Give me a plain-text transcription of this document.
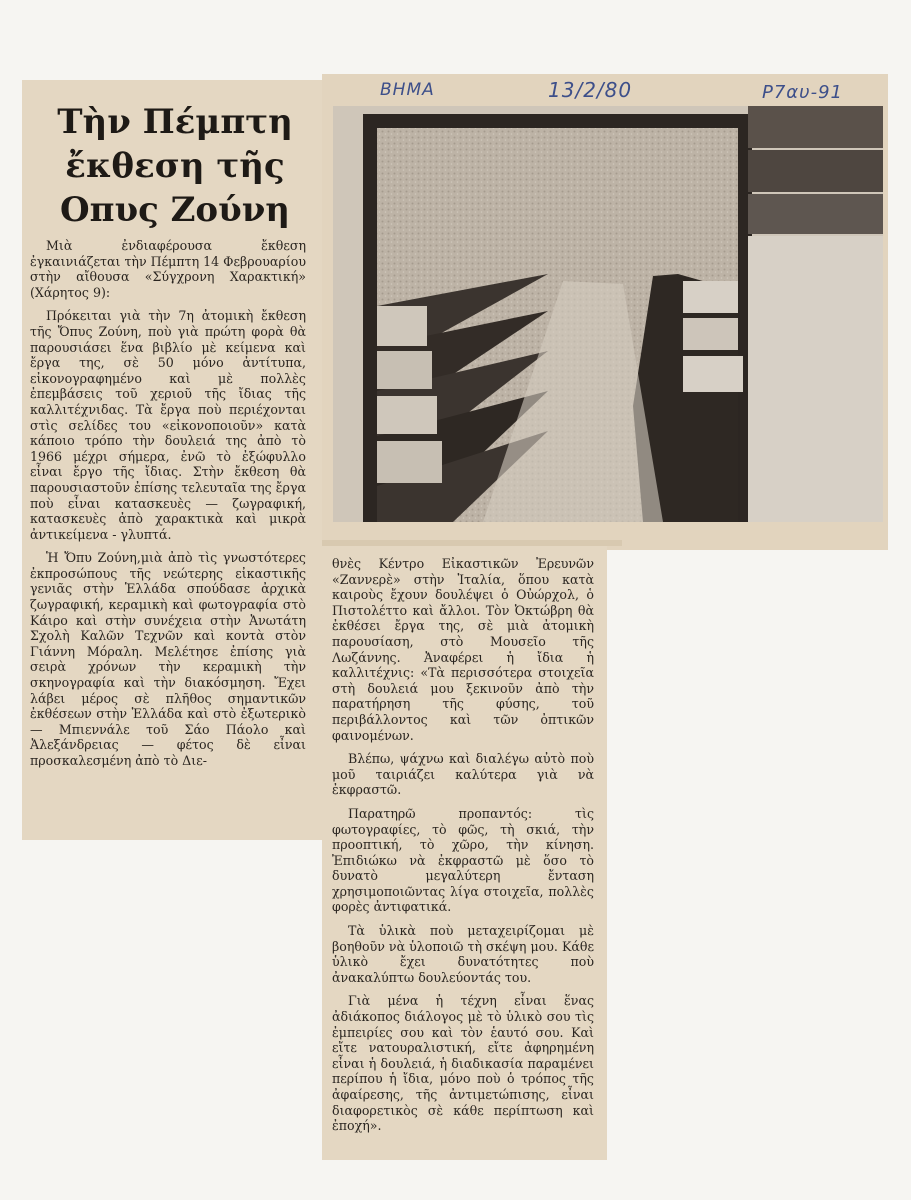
ΒΗΜΑ	13/2/80	Ρ7αυ-91
Τὴν Πέμπτη
ἔκθεση τῆς
Οπυς Ζούνη

Μιὰ ἐνδιαφέρουσα ἔκθεση ἐγκαινιάζεται τὴν Πέμπτη 14 Φεβρουαρίου στὴν αἴθουσα «Σύγχρονη Χαρακτική» (Χάρητος 9):

Πρόκειται γιὰ τὴν 7η ἀτομικὴ ἔκθεση τῆς Ὄπυς Ζούνη, ποὺ γιὰ πρώτη φορὰ θὰ παρουσιάσει ἕνα βιβλίο μὲ κείμενα καὶ ἔργα της, σὲ 50 μόνο ἀντίτυπα, εἰκονογραφημένο καὶ μὲ πολλὲς ἐπεμβάσεις τοῦ χεριοῦ τῆς ἴδιας τῆς καλλιτέχνιδας. Τὰ ἔργα ποὺ περιέχονται στὶς σελίδες του «εἰκονοποιοῦν» κατὰ κάποιο τρόπο τὴν δουλειά της ἀπὸ τὸ 1966 μέχρι σήμερα, ἐνῶ τὸ ἐξώφυλλο εἶναι ἔργο τῆς ἴδιας. Στὴν ἔκθεση θὰ παρουσιαστοῦν ἐπίσης τελευταῖα της ἔργα ποὺ εἶναι κατασκευὲς — ζωγραφική, κατασκευὲς ἀπὸ χαρακτικὰ καὶ μικρὰ ἀντικείμενα - γλυπτά.

Ἡ Ὄπυ Ζούνη,μιὰ ἀπὸ τὶς γνωστότερες ἐκπροσώπους τῆς νεώτερης εἰκαστικῆς γενιᾶς στὴν Ἑλλάδα σπούδασε ἀρχικὰ ζωγραφική, κεραμικὴ καὶ φωτογραφία στὸ Κάιρο καὶ στὴν συνέχεια στὴν Ἀνωτάτη Σχολὴ Καλῶν Τεχνῶν καὶ κοντὰ στὸν Γιάννη Μόραλη. Μελέτησε ἐπίσης γιὰ σειρὰ χρόνων τὴν κεραμικὴ τὴν σκηνογραφία καὶ τὴν διακόσμηση. Ἔχει λάβει μέρος σὲ πλῆθος σημαντικῶν ἐκθέσεων στὴν Ἑλλάδα καὶ στὸ ἐξωτερικὸ — Μπιεννάλε τοῦ Σάο Πάολο καὶ Ἀλεξάνδρειας — φέτος δὲ εἶναι προσκαλεσμένη ἀπὸ τὸ Διε-

θνὲς Κέντρο Εἰκαστικῶν Ἐρευνῶν «Ζαννερὲ» στὴν Ἰταλία, ὅπου κατὰ καιροὺς ἔχουν δουλέψει ὁ Οὐώρχολ, ὁ Πιστολέττο καὶ ἄλλοι. Τὸν Ὀκτώβρη θὰ ἐκθέσει ἔργα της, σὲ μιὰ ἀτομικὴ παρουσίαση, στὸ Μουσεῖο τῆς Λωζάννης. Ἀναφέρει ἡ ἴδια ἡ καλλιτέχνις: «Τὰ περισσότερα στοιχεῖα στὴ δουλειά μου ξεκινοῦν ἀπὸ τὴν παρατήρηση τῆς φύσης, τοῦ περιβάλλοντος καὶ τῶν ὀπτικῶν φαινομένων.

Βλέπω, ψάχνω καὶ διαλέγω αὐτὸ ποὺ μοῦ ταιριάζει καλύτερα γιὰ νὰ ἐκφραστῶ.

Παρατηρῶ προπαντός: τὶς φωτογραφίες, τὸ φῶς, τὴ σκιά, τὴν προοπτική, τὸ χῶρο, τὴν κίνηση. Ἐπιδιώκω νὰ ἐκφραστῶ μὲ ὅσο τὸ δυνατὸ μεγαλύτερη ἔνταση χρησιμοποιῶντας λίγα στοιχεῖα, πολλὲς φορὲς ἀντιφατικά.

Τὰ ὑλικὰ ποὺ μεταχειρίζομαι μὲ βοηθοῦν νὰ ὑλοποιῶ τὴ σκέψη μου. Κάθε ὑλικὸ ἔχει δυνατότητες ποὺ ἀνακαλύπτω δουλεύοντάς του.

Γιὰ μένα ἡ τέχνη εἶναι ἕνας ἀδιάκοπος διάλογος μὲ τὸ ὑλικὸ σου τὶς ἐμπειρίες σου καὶ τὸν ἑαυτό σου. Καὶ εἴτε νατουραλιστική, εἴτε ἀφηρημένη εἶναι ἡ δουλειά, ἡ διαδικασία παραμένει περίπου ἡ ἴδια, μόνο ποὺ ὁ τρόπος τῆς ἀφαίρεσης, τῆς ἀντιμετώπισης, εἶναι διαφορετικὸς σὲ κάθε περίπτωση καὶ ἐποχή».
